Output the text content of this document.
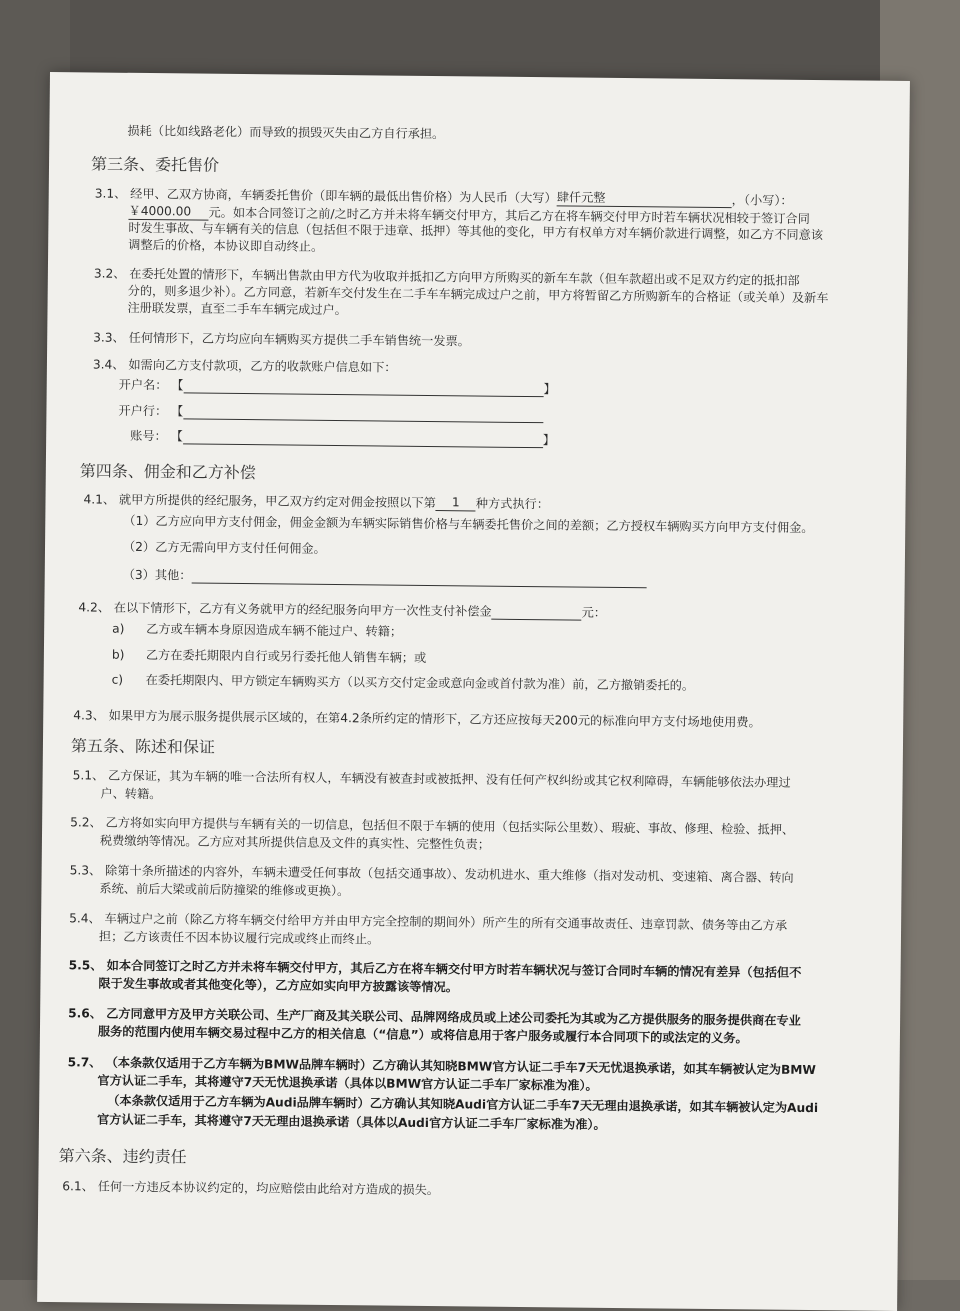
损耗（比如线路老化）而导致的损毁灭失由乙方自行承担。
第三条、委托售价
3.1、 经甲、乙双方协商，车辆委托售价（即车辆的最低出售价格）为人民币（大写）肆仟元整	，（小写）：
￥4000.00 元。如本合同签订之前/之时乙方并未将车辆交付甲方，其后乙方在将车辆交付甲方时若车辆状况相较于签订合同
时发生事故、与车辆有关的信息（包括但不限于违章、抵押）等其他的变化，甲方有权单方对车辆价款进行调整，如乙方不同意该
调整后的价格，本协议即自动终止。
3.2、 在委托处置的情形下，车辆出售款由甲方代为收取并抵扣乙方向甲方所购买的新车车款（但车款超出或不足双方约定的抵扣部
分的，则多退少补）。乙方同意，若新车交付发生在二手车车辆完成过户之前，甲方将暂留乙方所购新车的合格证（或关单）及新车
注册联发票，直至二手车车辆完成过户。
3.3、 任何情形下，乙方均应向车辆购买方提供二手车销售统一发票。
3.4、 如需向乙方支付款项，乙方的收款账户信息如下：
开户名： 【	】
开户行： 【
账号： 【	】
第四条、佣金和乙方补偿
4.1、 就甲方所提供的经纪服务，甲乙双方约定对佣金按照以下第 1 种方式执行：
（1）乙方应向甲方支付佣金，佣金金额为车辆实际销售价格与车辆委托售价之间的差额；乙方授权车辆购买方向甲方支付佣金。
（2）乙方无需向甲方支付任何佣金。
（3）其他：
4.2、 在以下情形下，乙方有义务就甲方的经纪服务向甲方一次性支付补偿金	元：
a) 乙方或车辆本身原因造成车辆不能过户、转籍；
b) 乙方在委托期限内自行或另行委托他人销售车辆；或
c) 在委托期限内、甲方锁定车辆购买方（以买方交付定金或意向金或首付款为准）前，乙方撤销委托的。
4.3、 如果甲方为展示服务提供展示区域的，在第4.2条所约定的情形下，乙方还应按每天200元的标准向甲方支付场地使用费。
第五条、陈述和保证
5.1、 乙方保证，其为车辆的唯一合法所有权人，车辆没有被查封或被抵押、没有任何产权纠纷或其它权利障碍，车辆能够依法办理过
户、转籍。
5.2、 乙方将如实向甲方提供与车辆有关的一切信息，包括但不限于车辆的使用（包括实际公里数）、瑕疵、事故、修理、检验、抵押、
税费缴纳等情况。乙方应对其所提供信息及文件的真实性、完整性负责；
5.3、 除第十条所描述的内容外，车辆未遭受任何事故（包括交通事故）、发动机进水、重大维修（指对发动机、变速箱、离合器、转向
系统、前后大梁或前后防撞梁的维修或更换）。
5.4、 车辆过户之前（除乙方将车辆交付给甲方并由甲方完全控制的期间外）所产生的所有交通事故责任、违章罚款、债务等由乙方承
担；乙方该责任不因本协议履行完成或终止而终止。
5.5、 如本合同签订之时乙方并未将车辆交付甲方，其后乙方在将车辆交付甲方时若车辆状况与签订合同时车辆的情况有差异（包括但不
限于发生事故或者其他变化等），乙方应如实向甲方披露该等情况。
5.6、 乙方同意甲方及甲方关联公司、生产厂商及其关联公司、品牌网络成员或上述公司委托为其或为乙方提供服务的服务提供商在专业
服务的范围内使用车辆交易过程中乙方的相关信息（“信息”）或将信息用于客户服务或履行本合同项下的或法定的义务。
5.7、 （本条款仅适用于乙方车辆为BMW品牌车辆时）乙方确认其知晓BMW官方认证二手车7天无忧退换承诺，如其车辆被认定为BMW
官方认证二手车，其将遵守7天无忧退换承诺（具体以BMW官方认证二手车厂家标准为准）。
（本条款仅适用于乙方车辆为Audi品牌车辆时）乙方确认其知晓Audi官方认证二手车7天无理由退换承诺，如其车辆被认定为Audi
官方认证二手车，其将遵守7天无理由退换承诺（具体以Audi官方认证二手车厂家标准为准）。
第六条、违约责任
6.1、 任何一方违反本协议约定的，均应赔偿由此给对方造成的损失。
